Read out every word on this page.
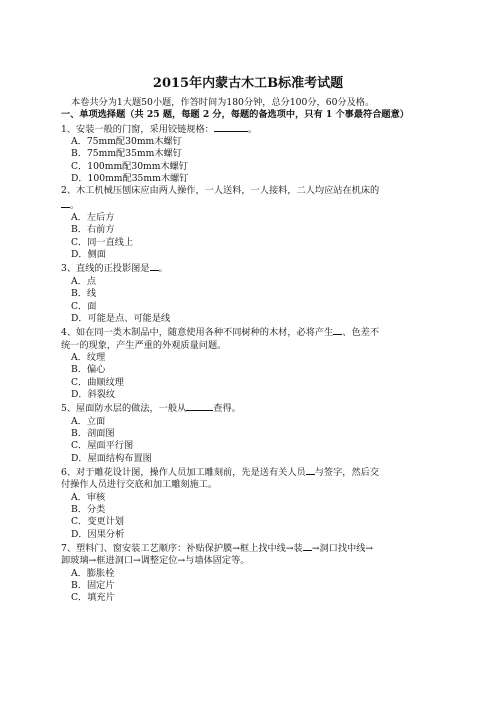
2015年内蒙古木工B标准考试题
本卷共分为1大题50小题，作答时间为180分钟，总分100分，60分及格。
一、单项选择题（共 25 题，每题 2 分，每题的备选项中，只有 1 个事最符合题意）
1、安装一般的门窗，采用铰链规格：	。
A．75mm配30mm木螺钉
B．75mm配35mm木螺钉
C．100mm配30mm木螺钉
D．100mm配35mm木螺钉
2、木工机械压刨床应由两人操作，一人送料，一人接料，二人均应站在机床的
。
A．左后方
B．右前方
C．同一直线上
D．侧面
3、直线的正投影图是 。
A．点
B．线
C．面
D．可能是点、可能是线
4、如在同一类木制品中，随意使用各种不同树种的木材，必将产生 、色差不
统一的现象，产生严重的外观质量问题。
A．纹理
B．偏心
C．曲顺纹理
D．斜裂纹
5、屋面防水层的做法，一般从	查得。
A．立面
B．剖面图
C．屋面平行图
D．屋面结构布置图
6、对于雕花设计图，操作人员加工雕刻前，先是送有关人员 与签字，然后交
付操作人员进行交底和加工雕刻施工。
A．审核
B．分类
C．变更计划
D．因果分析
7、塑料门、窗安装工艺顺序：补贴保护膜→框上找中线→装 →洞口找中线→
卸玻璃→框进洞口→调整定位→与墙体固定等。
A．膨胀栓
B．固定片
C．填充片
